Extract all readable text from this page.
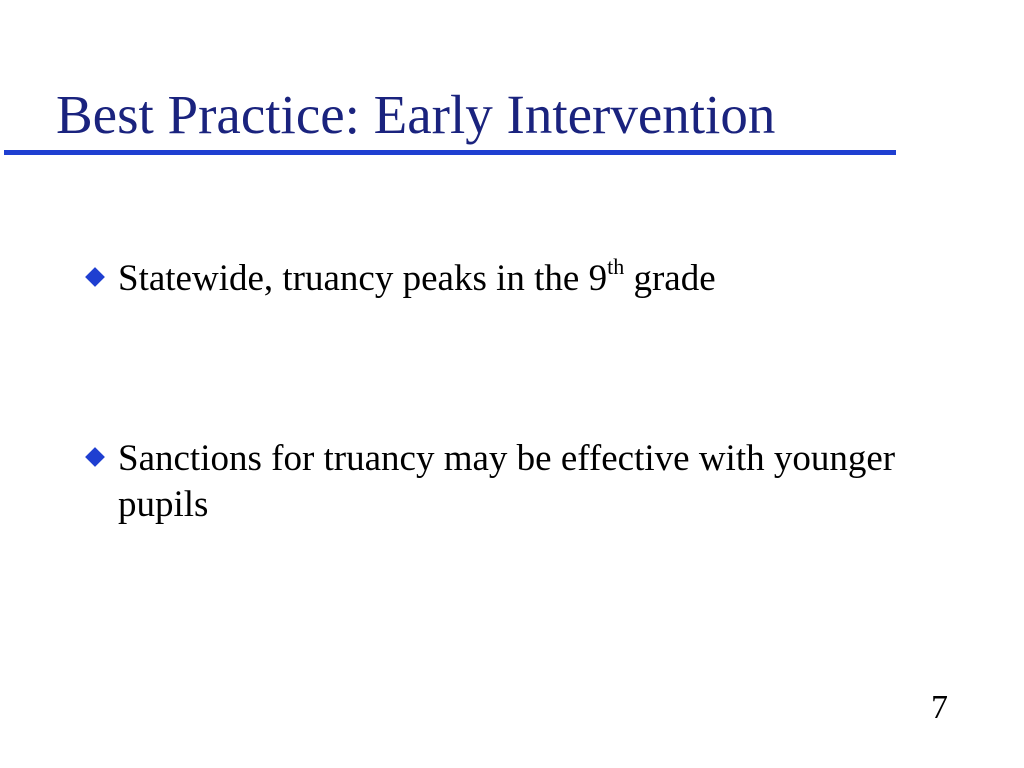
Best Practice: Early Intervention
Statewide, truancy peaks in the 9th grade
Sanctions for truancy may be effective with younger pupils
7
